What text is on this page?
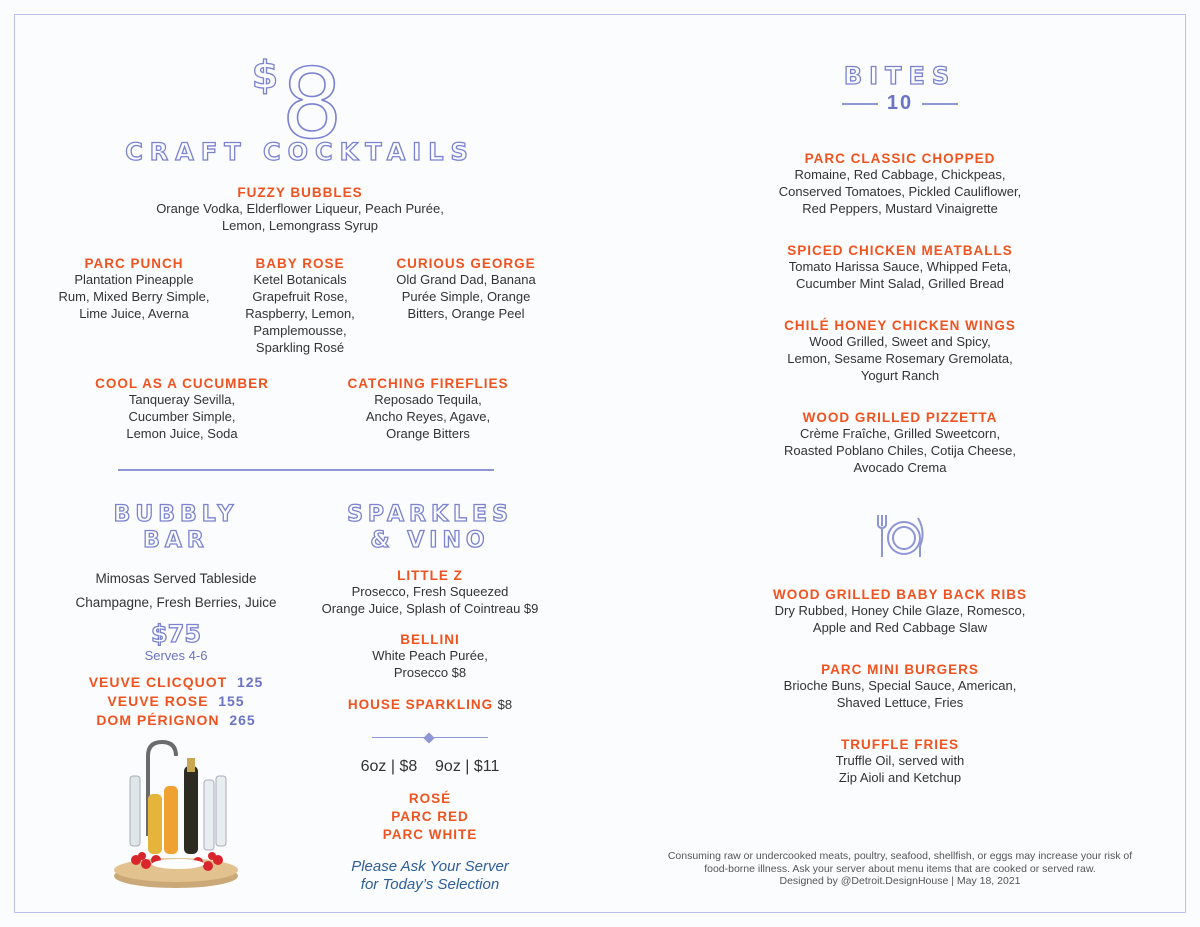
$ 8
CRAFT COCKTAILS
FUZZY BUBBLES
Orange Vodka, Elderflower Liqueur, Peach Purée,
Lemon, Lemongrass Syrup
PARC PUNCH
Plantation Pineapple
Rum, Mixed Berry Simple,
Lime Juice, Averna
BABY ROSE
Ketel Botanicals
Grapefruit Rose,
Raspberry, Lemon,
Pamplemousse,
Sparkling Rosé
CURIOUS GEORGE
Old Grand Dad, Banana
Purée Simple, Orange
Bitters, Orange Peel
COOL AS A CUCUMBER
Tanqueray Sevilla,
Cucumber Simple,
Lemon Juice, Soda
CATCHING FIREFLIES
Reposado Tequila,
Ancho Reyes, Agave,
Orange Bitters
BUBBLY
BAR
Mimosas Served Tableside
Champagne, Fresh Berries, Juice
$75
Serves 4-6
VEUVE CLICQUOT 125
VEUVE ROSE 155
DOM PÉRIGNON 265
SPARKLES
& VINO
LITTLE Z
Prosecco, Fresh Squeezed
Orange Juice, Splash of Cointreau $9
BELLINI
White Peach Purée,
Prosecco $8
HOUSE SPARKLING $8
6oz | $8    9oz | $11
ROSÉ
PARC RED
PARC WHITE
Please Ask Your Server
for Today’s Selection
BITES
10
PARC CLASSIC CHOPPED
Romaine, Red Cabbage, Chickpeas,
Conserved Tomatoes, Pickled Cauliflower,
Red Peppers, Mustard Vinaigrette
SPICED CHICKEN MEATBALLS
Tomato Harissa Sauce, Whipped Feta,
Cucumber Mint Salad, Grilled Bread
CHILÉ HONEY CHICKEN WINGS
Wood Grilled, Sweet and Spicy,
Lemon, Sesame Rosemary Gremolata,
Yogurt Ranch
WOOD GRILLED PIZZETTA
Crème Fraîche, Grilled Sweetcorn,
Roasted Poblano Chiles, Cotija Cheese,
Avocado Crema
WOOD GRILLED BABY BACK RIBS
Dry Rubbed, Honey Chile Glaze, Romesco,
Apple and Red Cabbage Slaw
PARC MINI BURGERS
Brioche Buns, Special Sauce, American,
Shaved Lettuce, Fries
TRUFFLE FRIES
Truffle Oil, served with
Zip Aioli and Ketchup
Consuming raw or undercooked meats, poultry, seafood, shellfish, or eggs may increase your risk of
food-borne illness. Ask your server about menu items that are cooked or served raw.
Designed by @Detroit.DesignHouse | May 18, 2021
